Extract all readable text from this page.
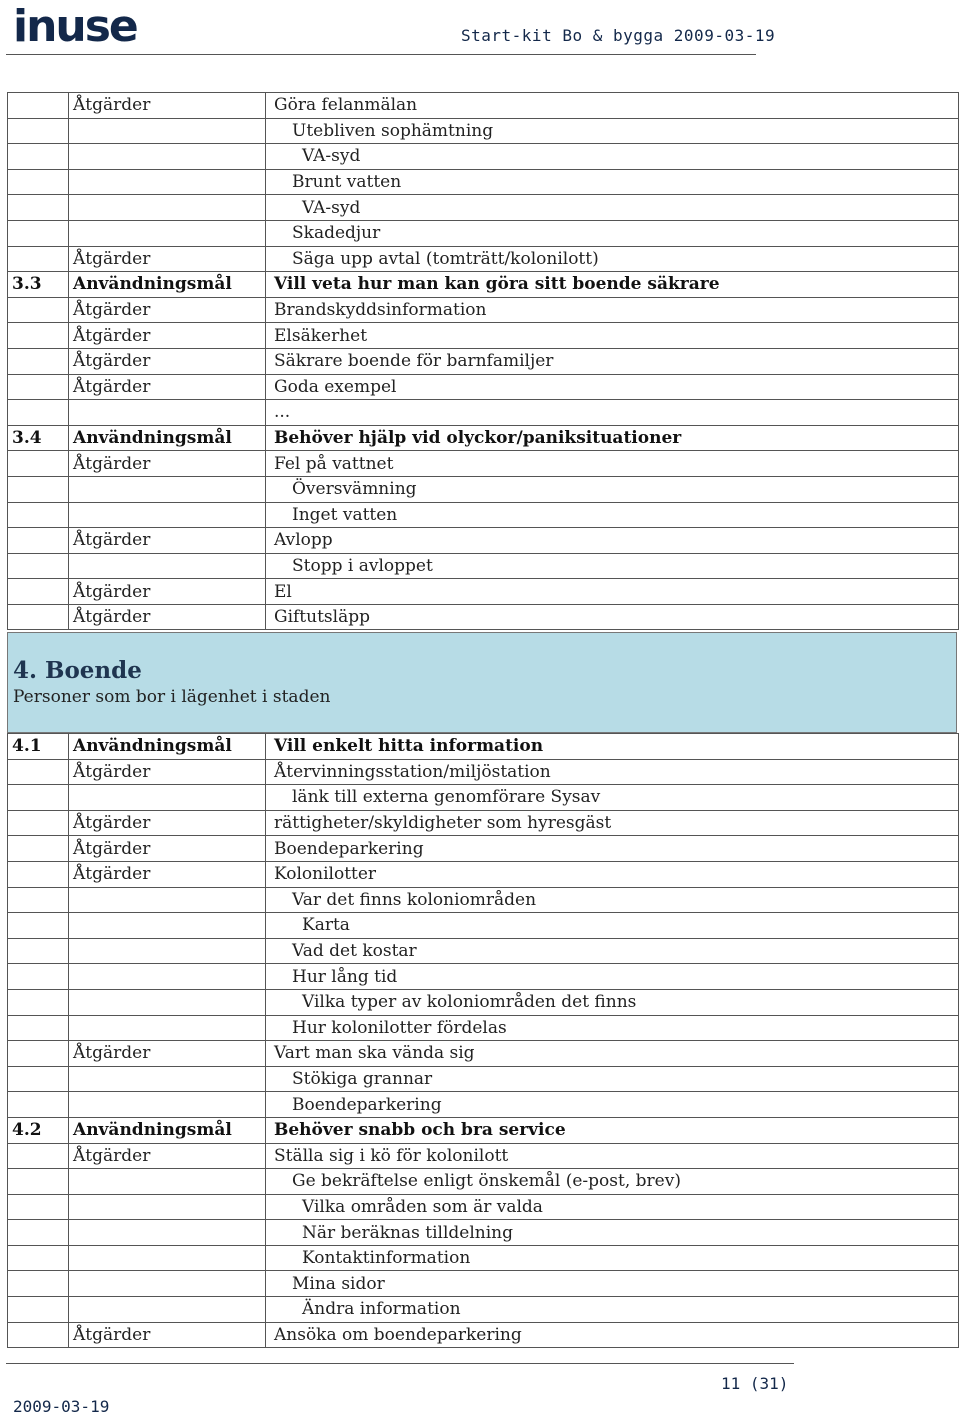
inuse	Start-kit Bo & bygga 2009-03-19
	Åtgärder	Göra felanmälan
		Utebliven sophämtning
		VA-syd
		Brunt vatten
		VA-syd
		Skadedjur
	Åtgärder	Säga upp avtal (tomträtt/kolonilott)
3.3	Användningsmål	Vill veta hur man kan göra sitt boende säkrare
	Åtgärder	Brandskyddsinformation
	Åtgärder	Elsäkerhet
	Åtgärder	Säkrare boende för barnfamiljer
	Åtgärder	Goda exempel
		...
3.4	Användningsmål	Behöver hjälp vid olyckor/paniksituationer
	Åtgärder	Fel på vattnet
		Översvämning
		Inget vatten
	Åtgärder	Avlopp
		Stopp i avloppet
	Åtgärder	El
	Åtgärder	Giftutsläpp
4. Boende
Personer som bor i lägenhet i staden
4.1	Användningsmål	Vill enkelt hitta information
	Åtgärder	Återvinningsstation/miljöstation
		länk till externa genomförare Sysav
	Åtgärder	rättigheter/skyldigheter som hyresgäst
	Åtgärder	Boendeparkering
	Åtgärder	Kolonilotter
		Var det finns koloniområden
		Karta
		Vad det kostar
		Hur lång tid
		Vilka typer av koloniområden det finns
		Hur kolonilotter fördelas
	Åtgärder	Vart man ska vända sig
		Stökiga grannar
		Boendeparkering
4.2	Användningsmål	Behöver snabb och bra service
	Åtgärder	Ställa sig i kö för kolonilott
		Ge bekräftelse enligt önskemål (e-post, brev)
		Vilka områden som är valda
		När beräknas tilldelning
		Kontaktinformation
		Mina sidor
		Ändra information
	Åtgärder	Ansöka om boendeparkering
11 (31)
2009-03-19
